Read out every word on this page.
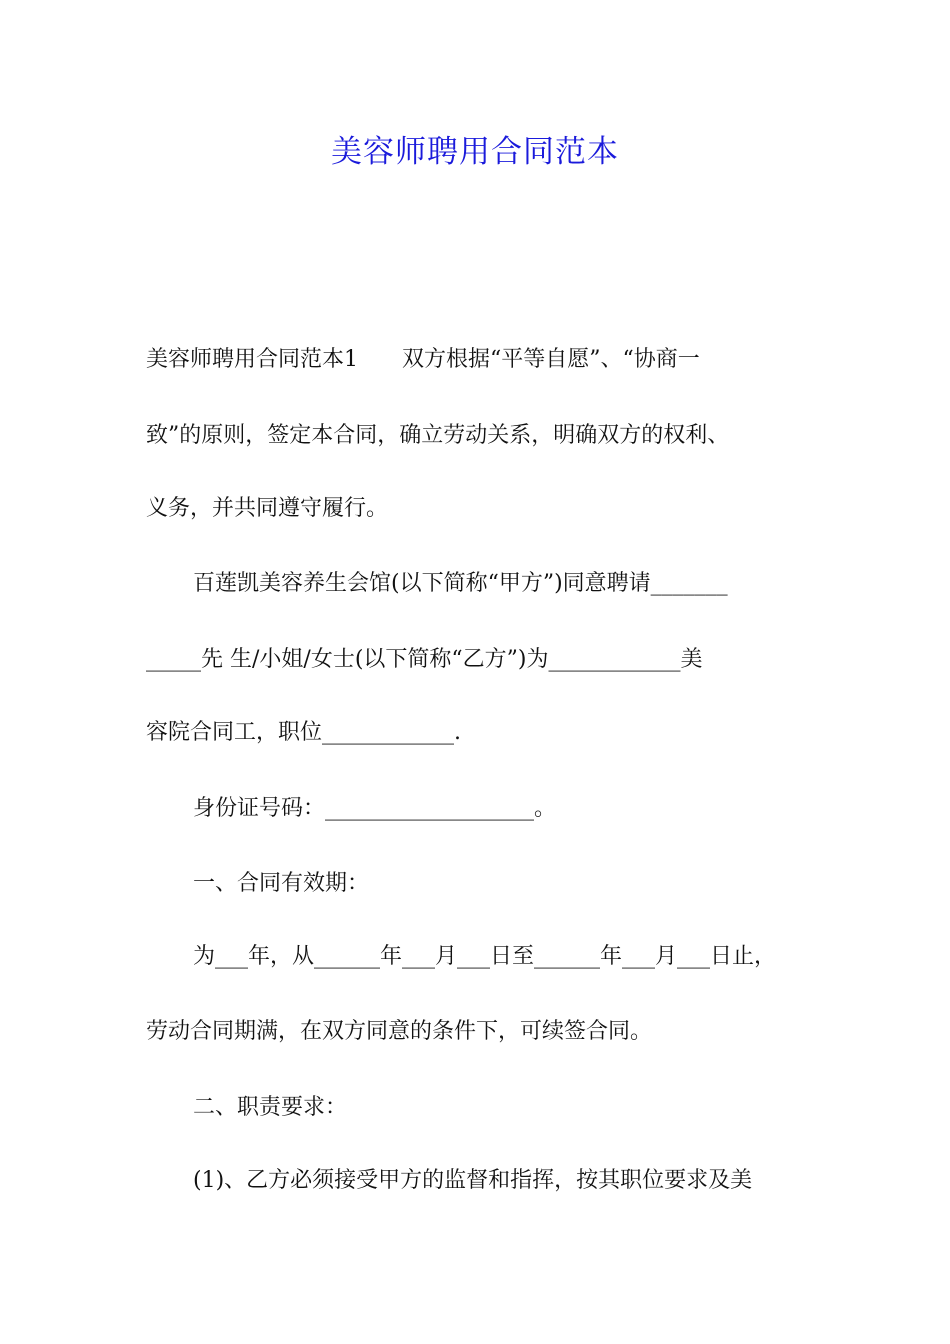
美容师聘用合同范本
美容师聘用合同范本1　　双方根据“平等自愿”、“协商一
致”的原则，签定本合同，确立劳动关系，明确双方的权利、
义务，并共同遵守履行。
百莲凯美容养生会馆(以下简称“甲方”)同意聘请_______
_____先 生/小姐/女士(以下简称“乙方”)为____________美
容院合同工，职位____________.
身份证号码：___________________。
一、合同有效期：
为___年，从______年___月___日至______年___月___日止，
劳动合同期满，在双方同意的条件下，可续签合同。
二、职责要求：
(1)、乙方必须接受甲方的监督和指挥，按其职位要求及美
